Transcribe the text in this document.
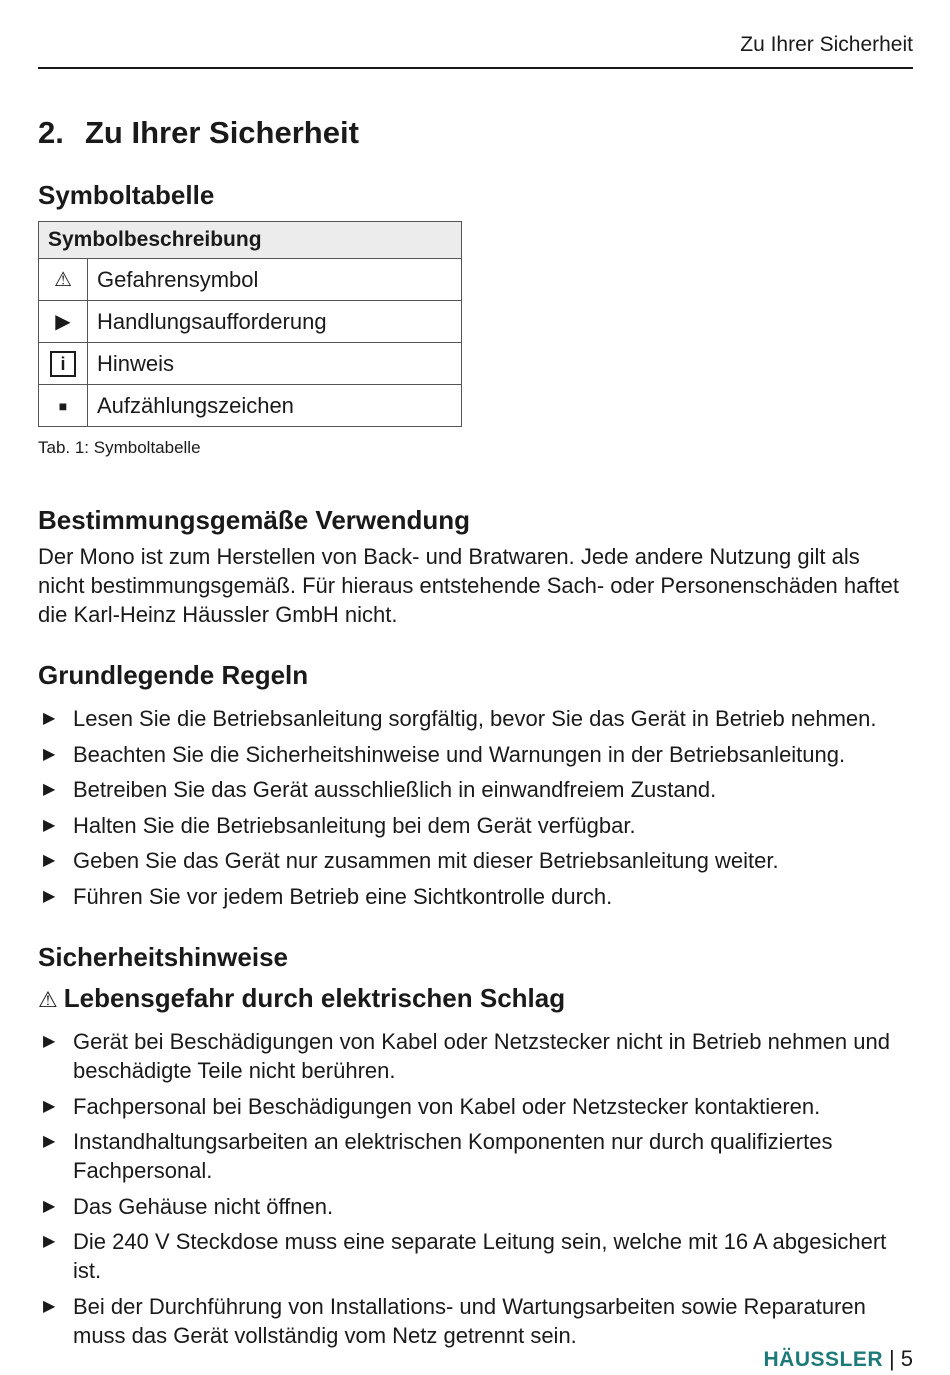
Zu Ihrer Sicherheit
2. Zu Ihrer Sicherheit
Symboltabelle
Symbolbeschreibung	
⚠	Gefahrensymbol
▶	Handlungsaufforderung
i	Hinweis
■	Aufzählungszeichen
Tab. 1: Symboltabelle
Bestimmungsgemäße Verwendung

Der Mono ist zum Herstellen von Back- und Bratwaren. Jede andere Nutzung gilt als nicht bestimmungsgemäß. Für hieraus entstehende Sach- oder Personenschäden haftet die Karl-Heinz Häussler GmbH nicht.

Grundlegende Regeln
▶ Lesen Sie die Betriebsanleitung sorgfältig, bevor Sie das Gerät in Betrieb nehmen.
▶ Beachten Sie die Sicherheitshinweise und Warnungen in der Betriebsanleitung.
▶ Betreiben Sie das Gerät ausschließlich in einwandfreiem Zustand.
▶ Halten Sie die Betriebsanleitung bei dem Gerät verfügbar.
▶ Geben Sie das Gerät nur zusammen mit dieser Betriebsanleitung weiter.
▶ Führen Sie vor jedem Betrieb eine Sichtkontrolle durch.
Sicherheitshinweise
⚠ Lebensgefahr durch elektrischen Schlag
▶ Gerät bei Beschädigungen von Kabel oder Netzstecker nicht in Betrieb nehmen und beschädigte Teile nicht berühren.
▶ Fachpersonal bei Beschädigungen von Kabel oder Netzstecker kontaktieren.
▶ Instandhaltungsarbeiten an elektrischen Komponenten nur durch qualifiziertes Fachpersonal.
▶ Das Gehäuse nicht öffnen.
▶ Die 240 V Steckdose muss eine separate Leitung sein, welche mit 16 A abgesichert ist.
▶ Bei der Durchführung von Installations- und Wartungsarbeiten sowie Reparaturen muss das Gerät vollständig vom Netz getrennt sein.
HÄUSSLER | 5
